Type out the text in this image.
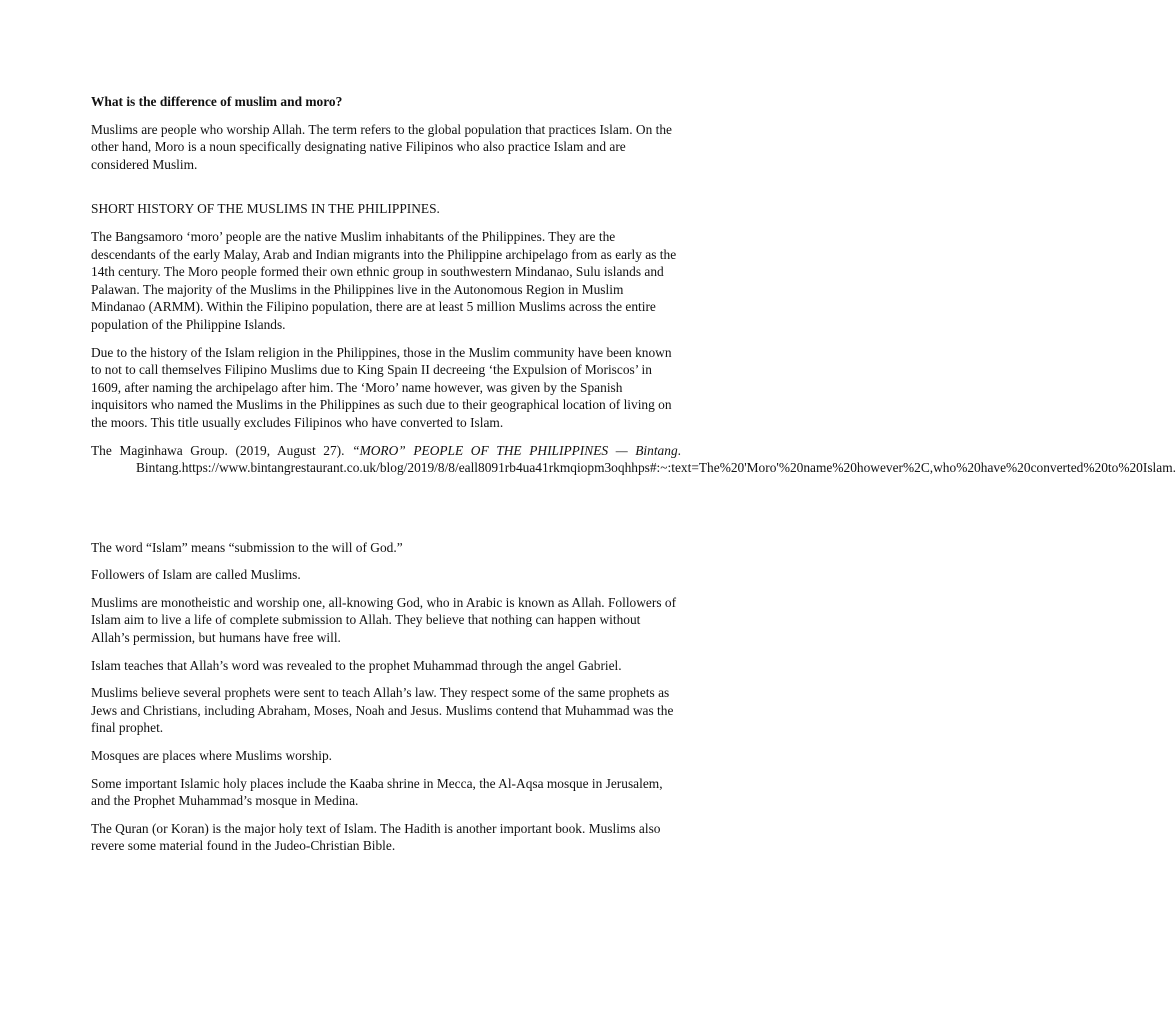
What is the difference of muslim and moro?

Muslims are people who worship Allah. The term refers to the global population that practices Islam. On the other hand, Moro is a noun specifically designating native Filipinos who also practice Islam and are considered Muslim.

SHORT HISTORY OF THE MUSLIMS IN THE PHILIPPINES.

The Bangsamoro ‘moro’ people are the native Muslim inhabitants of the Philippines. They are the descendants of the early Malay, Arab and Indian migrants into the Philippine archipelago from as early as the 14th century. The Moro people formed their own ethnic group in southwestern Mindanao, Sulu islands and Palawan. The majority of the Muslims in the Philippines live in the Autonomous Region in Muslim Mindanao (ARMM). Within the Filipino population, there are at least 5 million Muslims across the entire population of the Philippine Islands.

Due to the history of the Islam religion in the Philippines, those in the Muslim community have been known to not to call themselves Filipino Muslims due to King Spain II decreeing ‘the Expulsion of Moriscos’ in 1609, after naming the archipelago after him. The ‘Moro’ name however, was given by the Spanish inquisitors who named the Muslims in the Philippines as such due to their geographical location of living on the moors. This title usually excludes Filipinos who have converted to Islam.

The Maginhawa Group. (2019, August 27). “MORO” PEOPLE OF THE PHILIPPINES — Bintang. Bintang.https://www.bintangrestaurant.co.uk/blog/2019/8/8/eall8091rb4ua41rkmqiopm3oqhhps#:~:text=The%20'Moro'%20name%20however%2C,who%20have%20converted%20to%20Islam.

The word “Islam” means “submission to the will of God.”

Followers of Islam are called Muslims.

Muslims are monotheistic and worship one, all-knowing God, who in Arabic is known as Allah. Followers of Islam aim to live a life of complete submission to Allah. They believe that nothing can happen without Allah’s permission, but humans have free will.

Islam teaches that Allah’s word was revealed to the prophet Muhammad through the angel Gabriel.

Muslims believe several prophets were sent to teach Allah’s law. They respect some of the same prophets as Jews and Christians, including Abraham, Moses, Noah and Jesus. Muslims contend that Muhammad was the final prophet.

Mosques are places where Muslims worship.

Some important Islamic holy places include the Kaaba shrine in Mecca, the Al-Aqsa mosque in Jerusalem, and the Prophet Muhammad’s mosque in Medina.

The Quran (or Koran) is the major holy text of Islam. The Hadith is another important book. Muslims also revere some material found in the Judeo-Christian Bible.
